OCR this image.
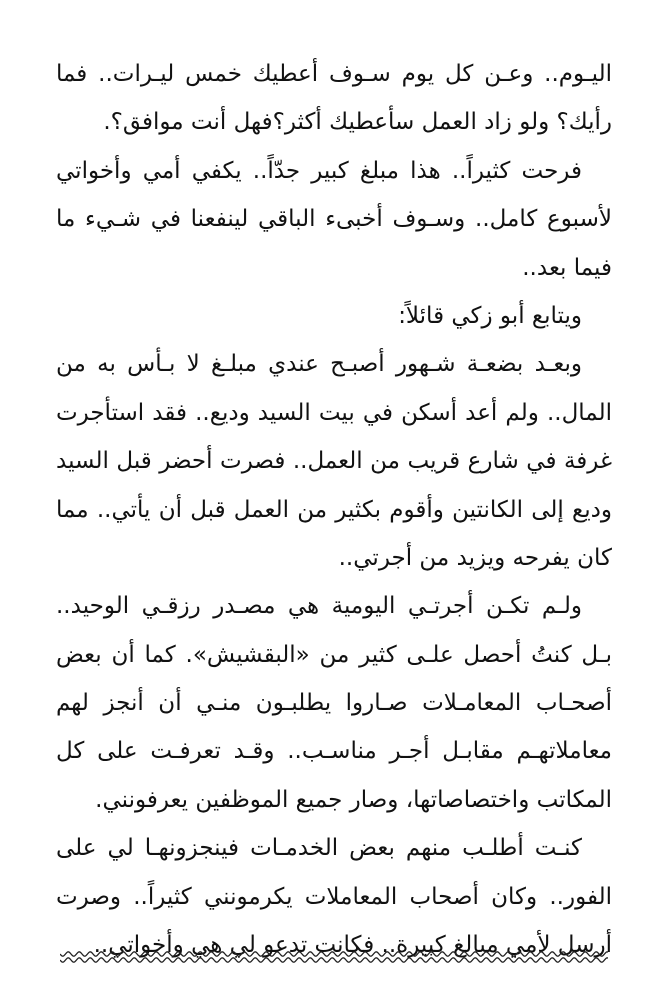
اليـوم.. وعـن كل يوم سـوف أعطيك خمس ليـرات.. فما
رأيك؟ ولو زاد العمل سأعطيك أكثر؟فهل أنت موافق؟.
فرحت كثيراً.. هذا مبلغ كبير جدّاً.. يكفي أمي وأخواتي
لأسبوع كامل.. وسـوف أخبىء الباقي لينفعنا في شـيء ما
فيما بعد..
ويتابع أبو زكي قائلاً:
وبعـد بضعـة شـهور أصبـح عندي مبلـغ لا بـأس به من
المال.. ولم أعد أسكن في بيت السيد وديع.. فقد استأجرت
غرفة في شارع قريب من العمل.. فصرت أحضر قبل السيد
وديع إلى الكانتين وأقوم بكثير من العمل قبل أن يأتي.. مما
كان يفرحه ويزيد من أجرتي..
ولـم تكـن أجرتـي اليومية هي مصـدر رزقـي الوحيد..
بـل كنتُ أحصل علـى كثير من «البقشيش». كما أن بعض
أصحـاب المعامـلات صـاروا يطلبـون منـي أن أنجز لهم
معاملاتهـم مقابـل أجـر مناسـب.. وقـد تعرفـت على كل
المكاتب واختصاصاتها، وصار جميع الموظفين يعرفونني.
كنـت أطلـب منهم بعض الخدمـات فينجزونهـا لي على
الفور.. وكان أصحاب المعاملات يكرمونني كثيراً.. وصرت
أرسل لأمي مبالغ كبيرة.. فكانت تدعو لي هي وأخواتي..
